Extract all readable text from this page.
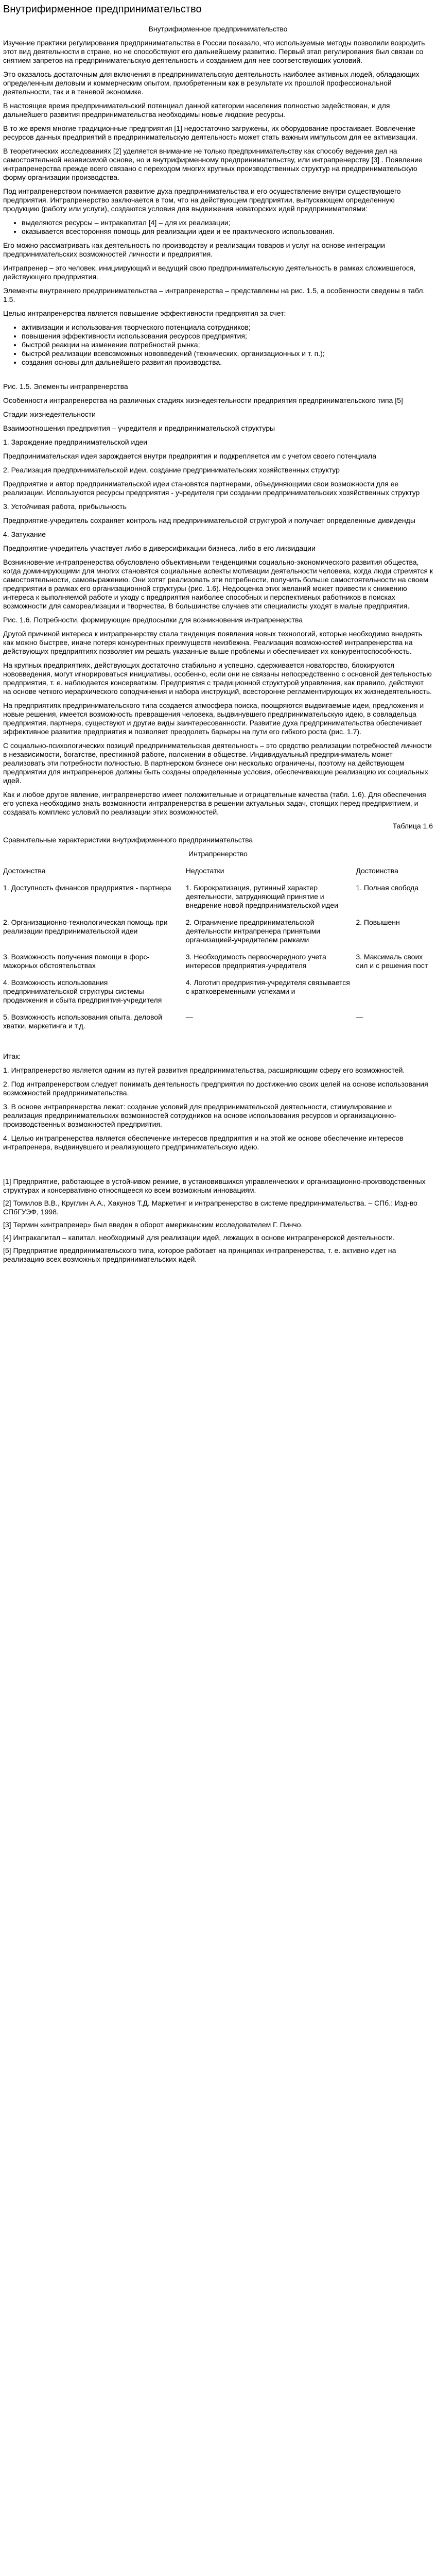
Внутрифирменное предпринимательство

Внутрифирменное предпринимательство

Изучение практики регулирования предпринимательства в России показало, что используемые методы позволили возродить этот вид деятельности в стране, но не способствуют его дальнейшему развитию. Первый этап регулирования был связан со снятием запретов на предпринимательскую деятельность и созданием для нее соответствующих условий.

Это оказалось достаточным для включения в предпринимательскую деятельность наиболее активных людей, обладающих определенным деловым и коммерческим опытом, приобретенным как в результате их прошлой профессиональной деятельности, так и в теневой экономике.

В настоящее время предпринимательский потенциал данной категории населения полностью задействован, и для дальнейшего развития предпринимательства необходимы новые людские ресурсы.

В то же время многие традиционные предприятия [1] недостаточно загружены, их оборудование простаивает. Вовлечение ресурсов данных предприятий в предпринимательскую деятельность может стать важным импульсом для ее активизации.

В теоретических исследованиях [2] уделяется внимание не только предпринимательству как способу ведения дел на самостоятельной независимой основе, но и внутрифирменному предпринимательству, или интрапренерству [3] . Появление интрапренерства прежде всего связано с переходом многих крупных производственных структур на предпринимательскую форму организации производства.

Под интрапренерством понимается развитие духа предпринимательства и его осуществление внутри существующего предприятия. Интрапренерство заключается в том, что на действующем предприятии, выпускающем определенную продукцию (работу или услуги), создаются условия для выдвижения новаторских идей предпринимателями:

• выделяются ресурсы – интракапитал [4] – для их реализации;
• оказывается всесторонняя помощь для реализации идеи и ее практического использования.

Его можно рассматривать как деятельность по производству и реализации товаров и услуг на основе интеграции предпринимательских возможностей личности и предприятия.

Интрапренер – это человек, инициирующий и ведущий свою предпринимательскую деятельность в рамках сложившегося, действующего предприятия.

Элементы внутреннего предпринимательства – интрапренерства – представлены на рис. 1.5, а особенности сведены в табл. 1.5.

Целью интрапренерства является повышение эффективности предприятия за счет:

• активизации и использования творческого потенциала сотрудников;
• повышения эффективности использования ресурсов предприятия;
• быстрой реакции на изменение потребностей рынка;
• быстрой реализации всевозможных нововведений (технических, организационных и т. п.);
• создания основы для дальнейшего развития производства.

Рис. 1.5. Элементы интрапренерства

Особенности интрапренерства на различных стадиях жизнедеятельности предприятия предпринимательского типа [5]

Стадии жизнедеятельности

Взаимоотношения предприятия – учредителя и предпринимательской структуры

1. Зарождение предпринимательской идеи

Предпринимательская идея зарождается внутри предприятия и подкрепляется им с учетом своего потенциала

2. Реализация предпринимательской идеи, создание предпринимательских хозяйственных структур

Предприятие и автор предпринимательской идеи становятся партнерами, объединяющими свои возможности для ее реализации. Используются ресурсы предприятия - учредителя при создании предпринимательских хозяйственных структур

3. Устойчивая работа, прибыльность

Предприятие-учредитель сохраняет контроль над предпринимательской структурой и получает определенные дивиденды

4. Затухание

Предприятие-учредитель участвует либо в диверсификации бизнеса, либо в его ликвидации

Возникновение интрапренерства обусловлено объективными тенденциями социально-экономического развития общества, когда доминирующими для многих становятся социальные аспекты мотивации деятельности человека, когда люди стремятся к самостоятельности, самовыражению. Они хотят реализовать эти потребности, получить больше самостоятельности на своем предприятии в рамках его организационной структуры (рис. 1.6). Недооценка этих желаний может привести к снижению интереса к выполняемой работе и уходу с предприятия наиболее способных и перспективных работников в поисках возможности для самореализации и творчества. В большинстве случаев эти специалисты уходят в малые предприятия.

Рис. 1.6. Потребности, формирующие предпосылки для возникновения интрапренерства

Другой причиной интереса к интрапренерству стала тенденция появления новых технологий, которые необходимо внедрять как можно быстрее, иначе потеря конкурентных преимуществ неизбежна. Реализация возможностей интрапренерства на действующих предприятиях позволяет им решать указанные выше проблемы и обеспечивает их конкурентоспособность.

На крупных предприятиях, действующих достаточно стабильно и успешно, сдерживается новаторство, блокируются нововведения, могут игнорироваться инициативы, особенно, если они не связаны непосредственно с основной деятельностью предприятия, т. е. наблюдается консерватизм. Предприятия с традиционной структурой управления, как правило, действуют на основе четкого иерархического соподчинения и набора инструкций, всесторонне регламентирующих их жизнедеятельность.

На предприятиях предпринимательского типа создается атмосфера поиска, поощряются выдвигаемые идеи, предложения и новые решения, имеется возможность превращения человека, выдвинувшего предпринимательскую идею, в совладельца предприятия, партнера, существуют и другие виды заинтересованности. Развитие духа предпринимательства обеспечивает эффективное развитие предприятия и позволяет преодолеть барьеры на пути его гибкого роста (рис. 1.7).

С социально-психологических позиций предпринимательская деятельность – это средство реализации потребностей личности в независимости, богатстве, престижной работе, положении в обществе. Индивидуальный предприниматель может реализовать эти потребности полностью. В партнерском бизнесе они несколько ограничены, поэтому на действующем предприятии для интрапренеров должны быть созданы определенные условия, обеспечивающие реализацию их социальных идей.

Как и любое другое явление, интрапренерство имеет положительные и отрицательные качества (табл. 1.6). Для обеспечения его успеха необходимо знать возможности интрапренерства в решении актуальных задач, стоящих перед предприятием, и создавать комплекс условий по реализации этих возможностей.

Таблица 1.6

Сравнительные характеристики внутрифирменного предпринимательства

Интрапренерство

Достоинства	Недостатки	Достоинства
1. Доступность финансов предприятия - партнера	1. Бюрократизация, рутинный характер деятельности, затрудняющий принятие и внедрение новой предпринимательской идеи	1. Полная свобода
2. Организационно-технологическая помощь при реализации предпринимательской идеи	2. Ограничение предпринимательской деятельности интрапренера принятыми организацией-учредителем рамками	2. Повышенн
3. Возможность получения помощи в форс-мажорных обстоятельствах	3. Необходимость первоочередного учета интересов предприятия-учредителя	3. Максималь своих сил и с решения пост
4. Возможность использования предпринимательской структуры системы продвижения и сбыта предприятия-учредителя	4. Логотип предприятия-учредителя связывается с кратковременными успехами и	
5. Возможность использования опыта, деловой хватки, маркетинга и т.д.	—	—

Итак:

1. Интрапренерство является одним из путей развития предпринимательства, расширяющим сферу его возможностей.

2. Под интрапренерством следует понимать деятельность предприятия по достижению своих целей на основе использования возможностей предпринимательства.

3. В основе интрапренерства лежат: создание условий для предпринимательской деятельности, стимулирование и реализация предпринимательских возможностей сотрудников на основе использования ресурсов и организационно-производственных возможностей предприятия.

4. Целью интрапренерства является обеспечение интересов предприятия и на этой же основе обеспечение интересов интрапренера, выдвинувшего и реализующего предпринимательскую идею.

[1] Предприятие, работающее в устойчивом режиме, в установившихся управленческих и организационно-производственных структурах и консервативно относящееся ко всем возможным инновациям.

[2] Томилов В.В., Круглин А.А., Хакунов Т.Д. Маркетинг и интрапренерство в системе предпринимательства. – СПб.: Изд-во СПбГУЭФ, 1998.

[3] Термин «интрапренер» был введен в оборот американским исследователем Г. Пинчо.

[4] Интракапитал – капитал, необходимый для реализации идей, лежащих в основе интрапренерской деятельности.

[5] Предприятие предпринимательского типа, которое работает на принципах интрапренерства, т. е. активно идет на реализацию всех возможных предпринимательских идей.
